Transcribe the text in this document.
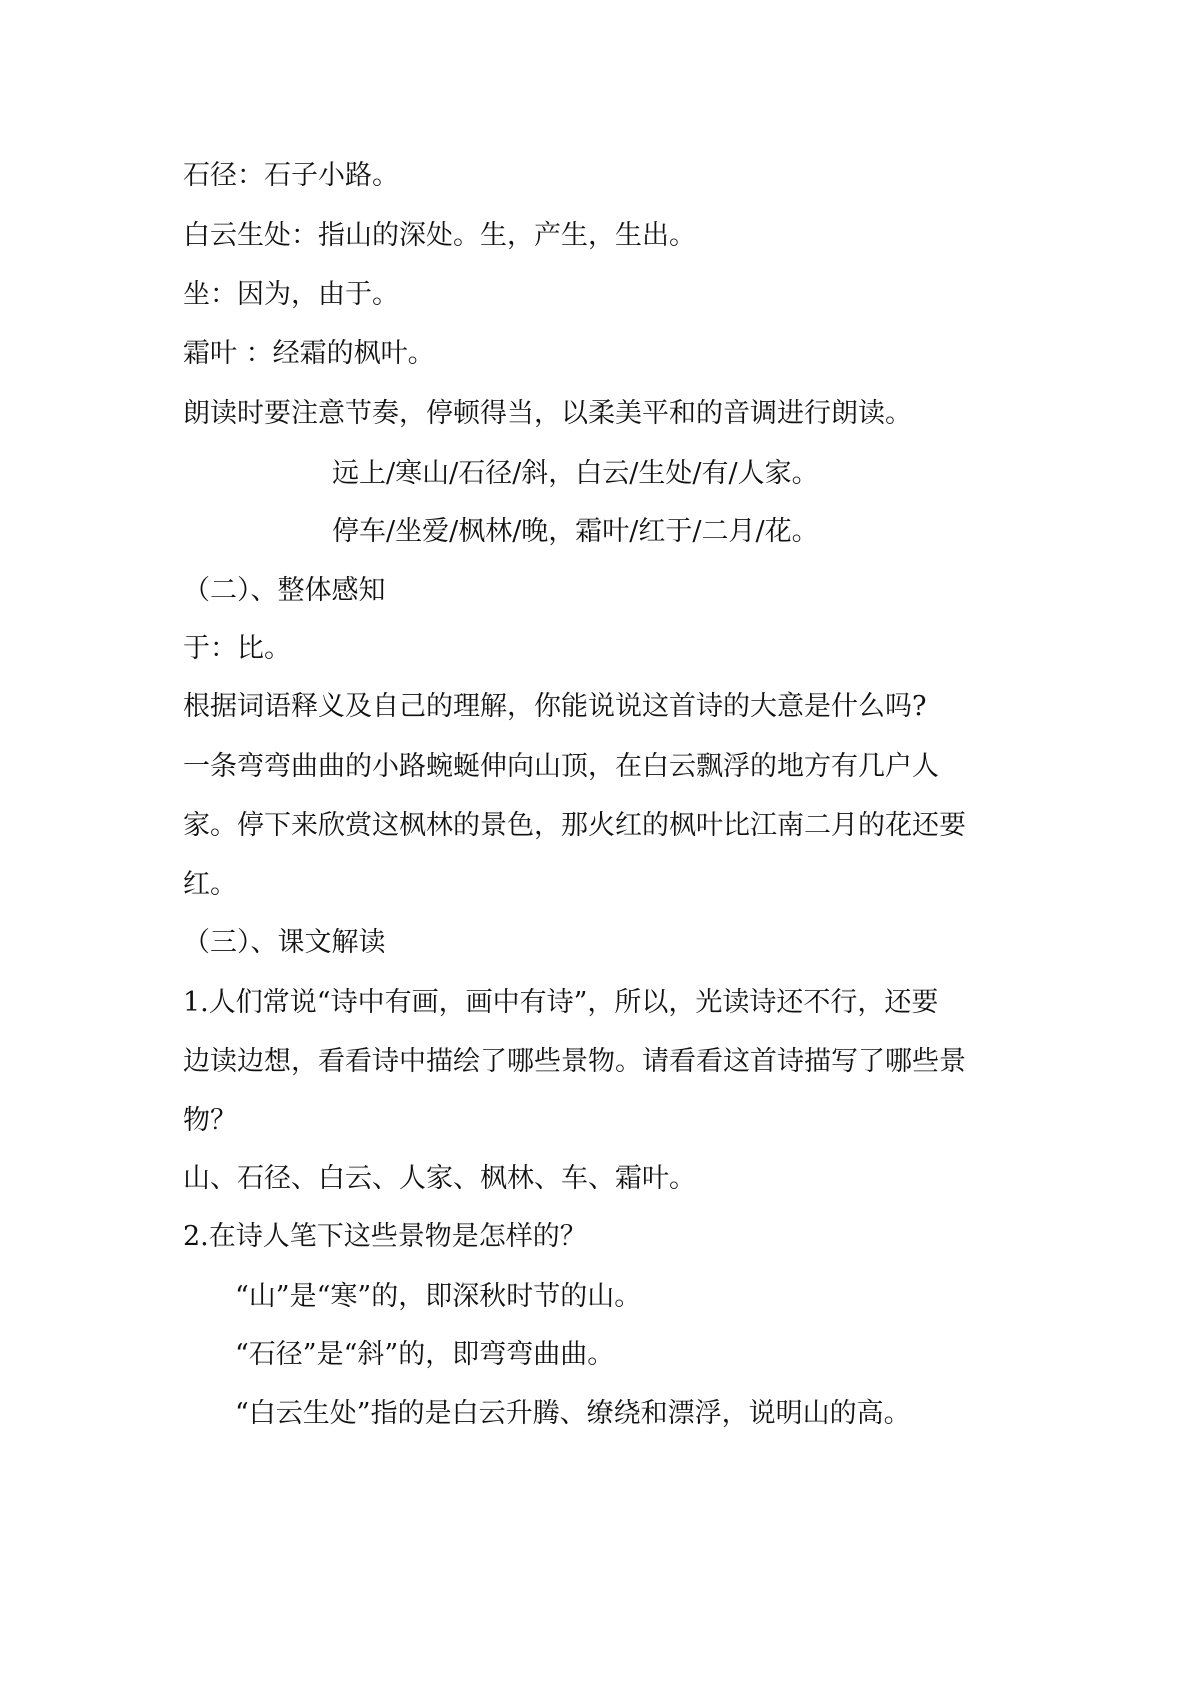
石径：石子小路。
白云生处：指山的深处。生，产生，生出。
坐：因为，由于。
霜叶 ：经霜的枫叶。
朗读时要注意节奏，停顿得当，以柔美平和的音调进行朗读。
远上/寒山/石径/斜，白云/生处/有/人家。
停车/坐爱/枫林/晚，霜叶/红于/二月/花。
（二）、整体感知
于：比。
根据词语释义及自己的理解，你能说说这首诗的大意是什么吗?
一条弯弯曲曲的小路蜿蜒伸向山顶，在白云飘浮的地方有几户人
家。停下来欣赏这枫林的景色，那火红的枫叶比江南二月的花还要
红。
（三）、课文解读
1.人们常说“诗中有画，画中有诗”，所以，光读诗还不行，还要
边读边想，看看诗中描绘了哪些景物。请看看这首诗描写了哪些景
物？
山、石径、白云、人家、枫林、车、霜叶。
2.在诗人笔下这些景物是怎样的？
“山”是“寒”的，即深秋时节的山。
“石径”是“斜”的，即弯弯曲曲。
“白云生处”指的是白云升腾、缭绕和漂浮，说明山的高。
